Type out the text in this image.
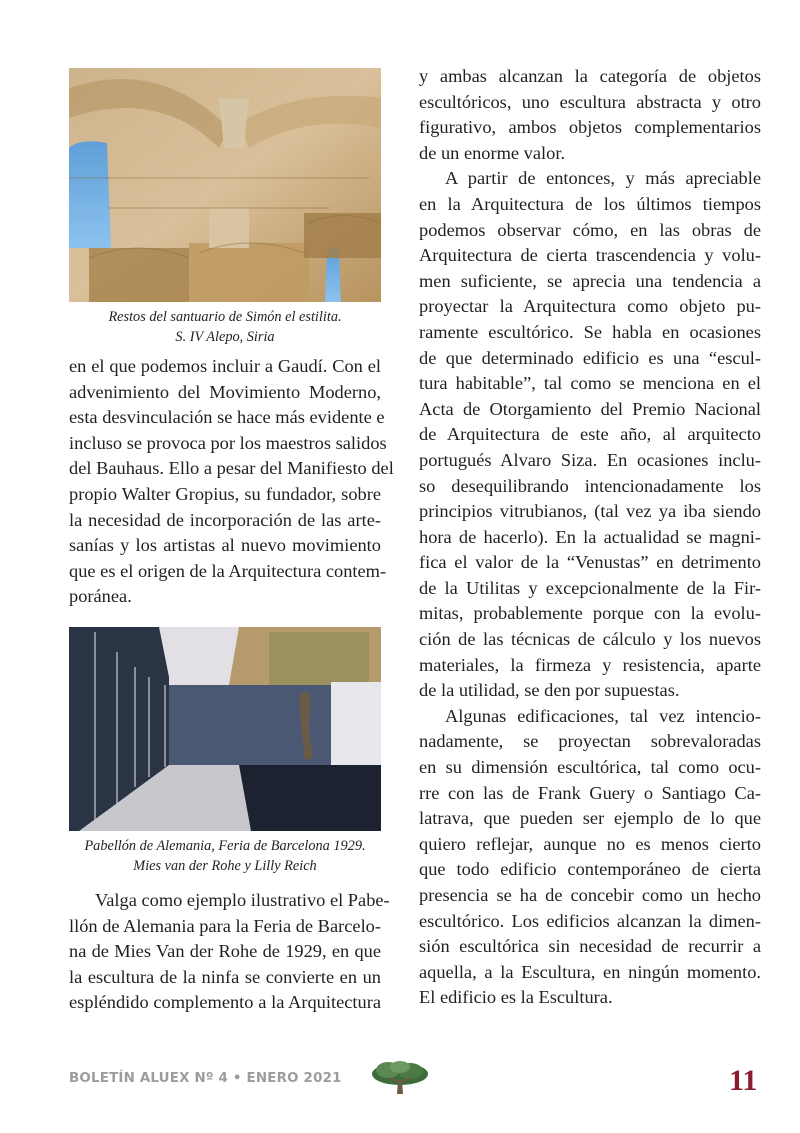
Restos del santuario de Simón el estilita.
S. IV Alepo, Siria

en el que podemos incluir a Gaudí. Con el
advenimiento del Movimiento Moderno,
esta desvinculación se hace más evidente e
incluso se provoca por los maestros salidos
del Bauhaus. Ello a pesar del Manifiesto del
propio Walter Gropius, su fundador, sobre
la necesidad de incorporación de las arte-
sanías y los artistas al nuevo movimiento
que es el origen de la Arquitectura contem-
poránea.

Pabellón de Alemania, Feria de Barcelona 1929.
Mies van der Rohe y Lilly Reich

Valga como ejemplo ilustrativo el Pabe-
llón de Alemania para la Feria de Barcelo-
na de Mies Van der Rohe de 1929, en que
la escultura de la ninfa se convierte en un
espléndido complemento a la Arquitectura

y ambas alcanzan la categoría de objetos
escultóricos, uno escultura abstracta y otro
figurativo, ambos objetos complementarios
de un enorme valor.

A partir de entonces, y más apreciable
en la Arquitectura de los últimos tiempos
podemos observar cómo, en las obras de
Arquitectura de cierta trascendencia y volu-
men suficiente, se aprecia una tendencia a
proyectar la Arquitectura como objeto pu-
ramente escultórico. Se habla en ocasiones
de que determinado edificio es una “escul-
tura habitable”, tal como se menciona en el
Acta de Otorgamiento del Premio Nacional
de Arquitectura de este año, al arquitecto
portugués Alvaro Siza. En ocasiones inclu-
so desequilibrando intencionadamente los
principios vitrubianos, (tal vez ya iba siendo
hora de hacerlo). En la actualidad se magni-
fica el valor de la “Venustas” en detrimento
de la Utilitas y excepcionalmente de la Fir-
mitas, probablemente porque con la evolu-
ción de las técnicas de cálculo y los nuevos
materiales, la firmeza y resistencia, aparte
de la utilidad, se den por supuestas.

Algunas edificaciones, tal vez intencio-
nadamente, se proyectan sobrevaloradas
en su dimensión escultórica, tal como ocu-
rre con las de Frank Guery o Santiago Ca-
latrava, que pueden ser ejemplo de lo que
quiero reflejar, aunque no es menos cierto
que todo edificio contemporáneo de cierta
presencia se ha de concebir como un hecho
escultórico. Los edificios alcanzan la dimen-
sión escultórica sin necesidad de recurrir a
aquella, a la Escultura, en ningún momento.
El edificio es la Escultura.

BOLETÍN ALUEX Nº 4 • ENERO 2021	11
